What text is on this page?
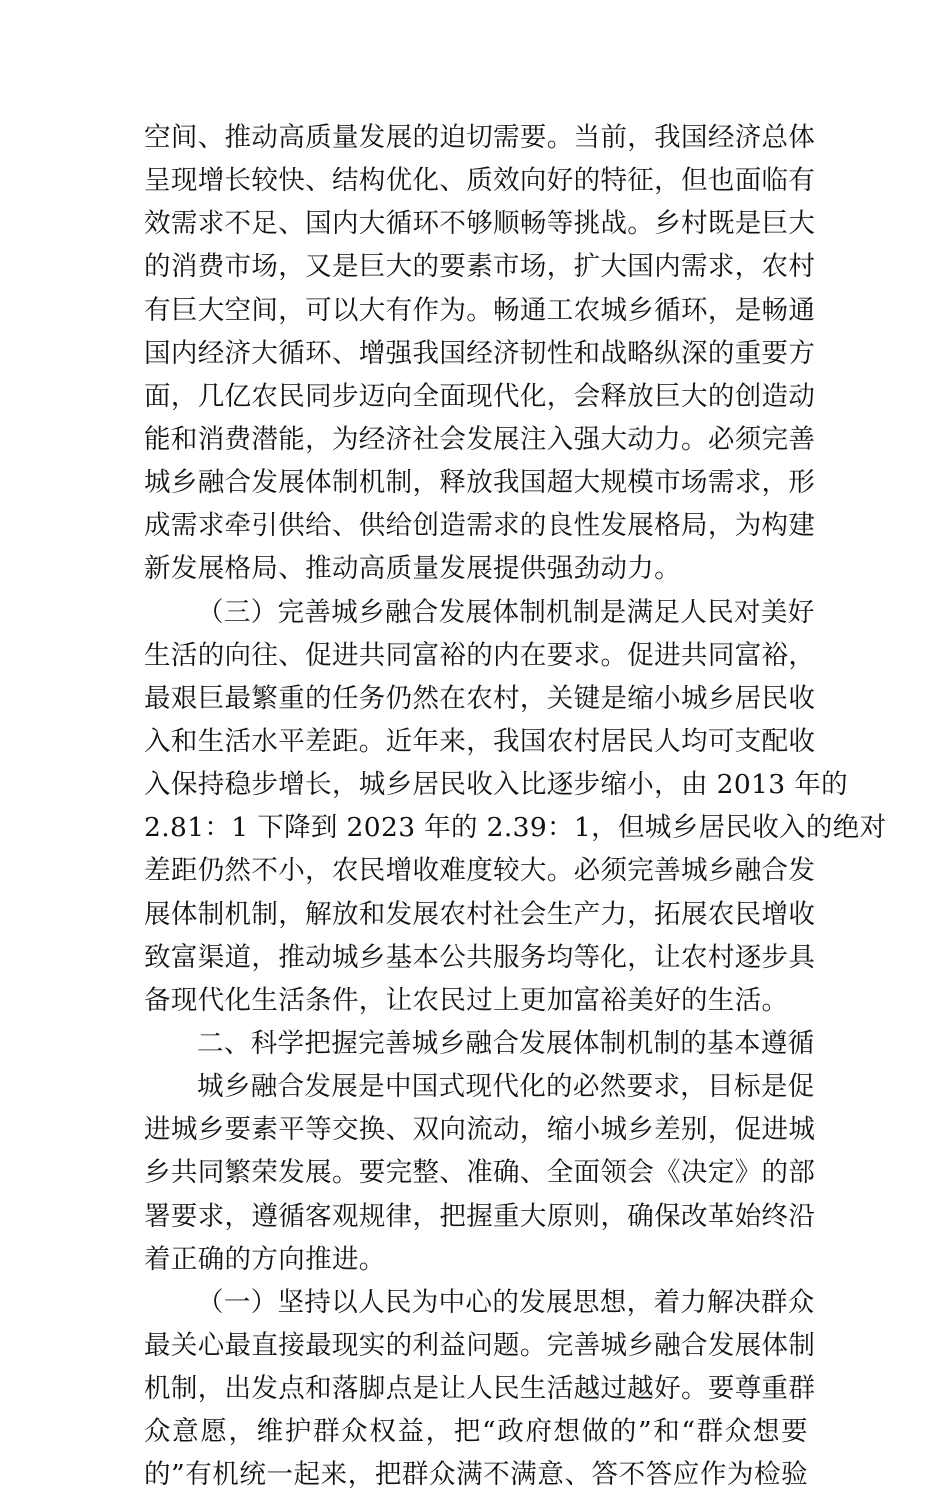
空间、推动高质量发展的迫切需要。当前，我国经济总体
呈现增长较快、结构优化、质效向好的特征，但也面临有
效需求不足、国内大循环不够顺畅等挑战。乡村既是巨大
的消费市场，又是巨大的要素市场，扩大国内需求，农村
有巨大空间，可以大有作为。畅通工农城乡循环，是畅通
国内经济大循环、增强我国经济韧性和战略纵深的重要方
面，几亿农民同步迈向全面现代化，会释放巨大的创造动
能和消费潜能，为经济社会发展注入强大动力。必须完善
城乡融合发展体制机制，释放我国超大规模市场需求，形
成需求牵引供给、供给创造需求的良性发展格局，为构建
新发展格局、推动高质量发展提供强劲动力。
（三）完善城乡融合发展体制机制是满足人民对美好
生活的向往、促进共同富裕的内在要求。促进共同富裕，
最艰巨最繁重的任务仍然在农村，关键是缩小城乡居民收
入和生活水平差距。近年来，我国农村居民人均可支配收
入保持稳步增长，城乡居民收入比逐步缩小，由 2013 年的
2.81：1 下降到 2023 年的 2.39：1，但城乡居民收入的绝对
差距仍然不小，农民增收难度较大。必须完善城乡融合发
展体制机制，解放和发展农村社会生产力，拓展农民增收
致富渠道，推动城乡基本公共服务均等化，让农村逐步具
备现代化生活条件，让农民过上更加富裕美好的生活。
二、科学把握完善城乡融合发展体制机制的基本遵循
城乡融合发展是中国式现代化的必然要求，目标是促
进城乡要素平等交换、双向流动，缩小城乡差别，促进城
乡共同繁荣发展。要完整、准确、全面领会《决定》的部
署要求，遵循客观规律，把握重大原则，确保改革始终沿
着正确的方向推进。
（一）坚持以人民为中心的发展思想，着力解决群众
最关心最直接最现实的利益问题。完善城乡融合发展体制
机制，出发点和落脚点是让人民生活越过越好。要尊重群
众意愿，维护群众权益，把“政府想做的”和“群众想要
的”有机统一起来，把群众满不满意、答不答应作为检验
